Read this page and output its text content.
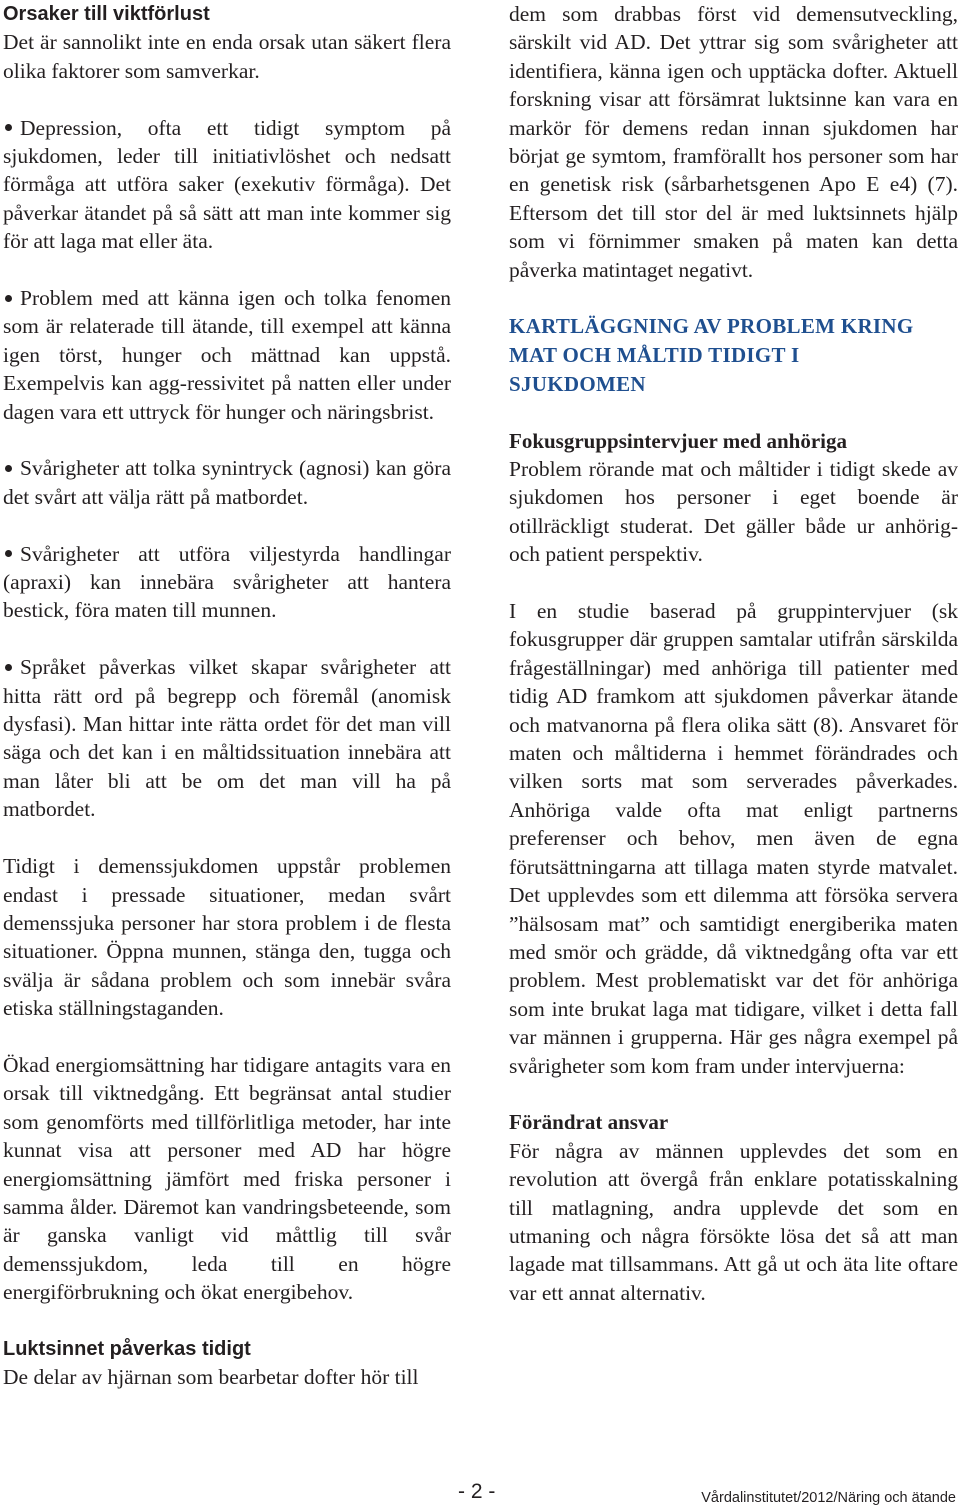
Orsaker till viktförlust

Det är sannolikt inte en enda orsak utan säkert flera olika faktorer som samverkar.

Depression, ofta ett tidigt symptom på sjukdomen, leder till initiativlöshet och nedsatt förmåga att utföra saker (exekutiv förmåga). Det påverkar ätandet på så sätt att man inte kommer sig för att laga mat eller äta.
Problem med att känna igen och tolka fenomen som är relaterade till ätande, till exempel att känna igen törst, hunger och mättnad kan uppstå. Exempelvis kan agg-ressivitet på natten eller under dagen vara ett uttryck för hunger och näringsbrist.
Svårigheter att tolka synintryck (agnosi) kan göra det svårt att välja rätt på matbordet.
Svårigheter att utföra viljestyrda handlingar (apraxi) kan innebära svårigheter att hantera bestick, föra maten till munnen.
Språket påverkas vilket skapar svårigheter att hitta rätt ord på begrepp och föremål (anomisk dysfasi). Man hittar inte rätta ordet för det man vill säga och det kan i en måltidssituation innebära att man låter bli att be om det man vill ha på matbordet.

Tidigt i demenssjukdomen uppstår problemen endast i pressade situationer, medan svårt demenssjuka personer har stora problem i de flesta situationer. Öppna munnen, stänga den, tugga och svälja är sådana problem och som innebär svåra etiska ställningstaganden.

Ökad energiomsättning har tidigare antagits vara en orsak till viktnedgång. Ett begränsat antal studier som genomförts med tillförlitliga metoder, har inte kunnat visa att personer med AD har högre energiomsättning jämfört med friska personer i samma ålder. Däremot kan vandringsbeteende, som är ganska vanligt vid måttlig till svår demenssjukdom, leda till en högre energiförbrukning och ökat energibehov.

Luktsinnet påverkas tidigt

De delar av hjärnan som bearbetar dofter hör till

dem som drabbas först vid demensutveckling, särskilt vid AD. Det yttrar sig som svårigheter att identifiera, känna igen och upptäcka dofter. Aktuell forskning visar att försämrat luktsinne kan vara en markör för demens redan innan sjukdomen har börjat ge symtom, framförallt hos personer som har en genetisk risk (sårbarhetsgenen Apo E e4) (7). Eftersom det till stor del är med luktsinnets hjälp som vi förnimmer smaken på maten kan detta påverka matintaget negativt.

KARTLÄGGNING AV PROBLEM KRING
MAT OCH MÅLTID TIDIGT I
SJUKDOMEN
Fokusgruppsintervjuer med anhöriga

Problem rörande mat och måltider i tidigt skede av sjukdomen hos personer i eget boende är otillräckligt studerat. Det gäller både ur anhörig- och patient perspektiv.

I en studie baserad på gruppintervjuer (sk fokusgrupper där gruppen samtalar utifrån särskilda frågeställningar) med anhöriga till patienter med tidig AD framkom att sjukdomen påverkar ätande och matvanorna på flera olika sätt (8). Ansvaret för maten och måltiderna i hemmet förändrades och vilken sorts mat som serverades påverkades. Anhöriga valde ofta mat enligt partnerns preferenser och behov, men även de egna förutsättningarna att tillaga maten styrde matvalet. Det upplevdes som ett dilemma att försöka servera ”hälsosam mat” och samtidigt energiberika maten med smör och grädde, då viktnedgång ofta var ett problem. Mest problematiskt var det för anhöriga som inte brukat laga mat tidigare, vilket i detta fall var männen i grupperna. Här ges några exempel på svårigheter som kom fram under intervjuerna:

Förändrat ansvar

För några av männen upplevdes det som en revolution att övergå från enklare potatisskalning till matlagning, andra upplevde det som en utmaning och några försökte lösa det så att man lagade mat tillsammans. Att gå ut och äta lite oftare var ett annat alternativ.

- 2 -	Vårdalinstitutet/2012/Näring och ätande
